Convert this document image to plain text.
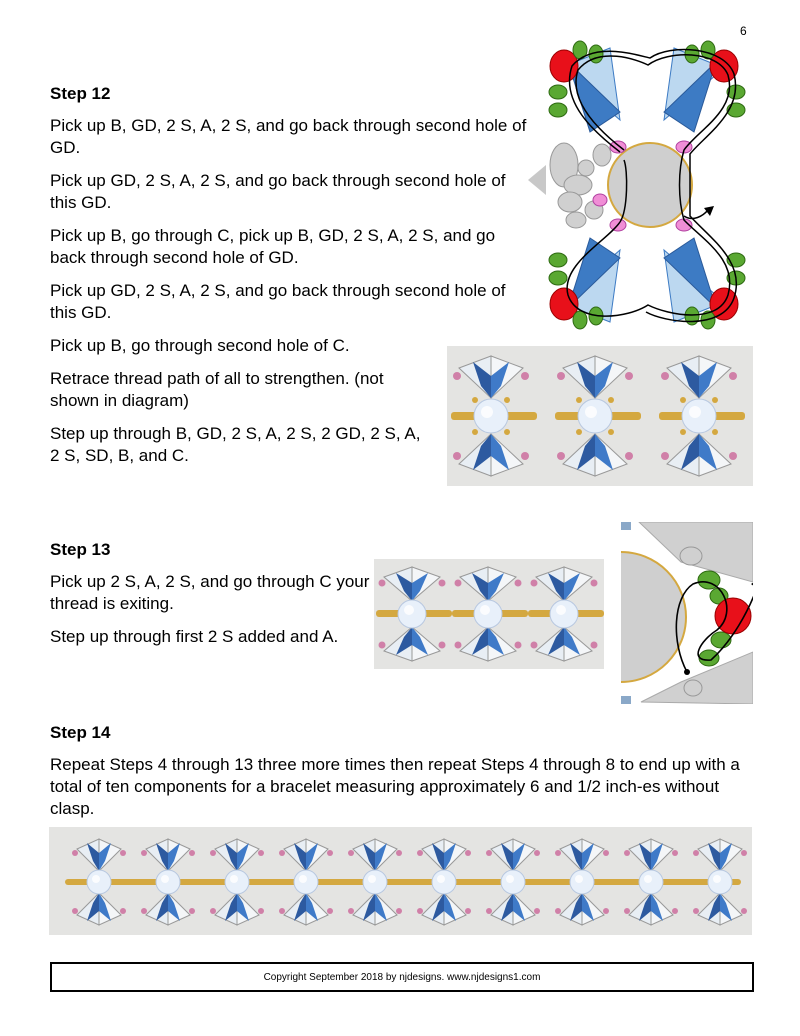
6
Step 12

Pick up B, GD, 2 S, A, 2 S, and go back through second hole of GD.

Pick up GD, 2 S, A, 2 S, and go back through second hole of this GD.

Pick up B, go through C, pick up B, GD, 2 S, A, 2 S, and go back through second hole of GD.

Pick up GD, 2 S, A, 2 S, and go back through second hole of this GD.

Pick up B, go through second hole of C.

Retrace thread path of all to strengthen. (not shown in diagram)

Step up through B, GD, 2 S, A, 2 S, 2 GD, 2 S, A, 2 S, SD, B, and C.

Step 13

Pick up 2 S, A, 2 S, and go through C your thread is exiting.

Step up through first 2 S added and A.

Step 14

Repeat Steps 4 through 13 three more times then repeat Steps 4 through 8 to end up with a total of ten components for a bracelet measuring approximately 6 and 1/2 inch-es without clasp.

Copyright September 2018 by njdesigns. www.njdesigns1.com
